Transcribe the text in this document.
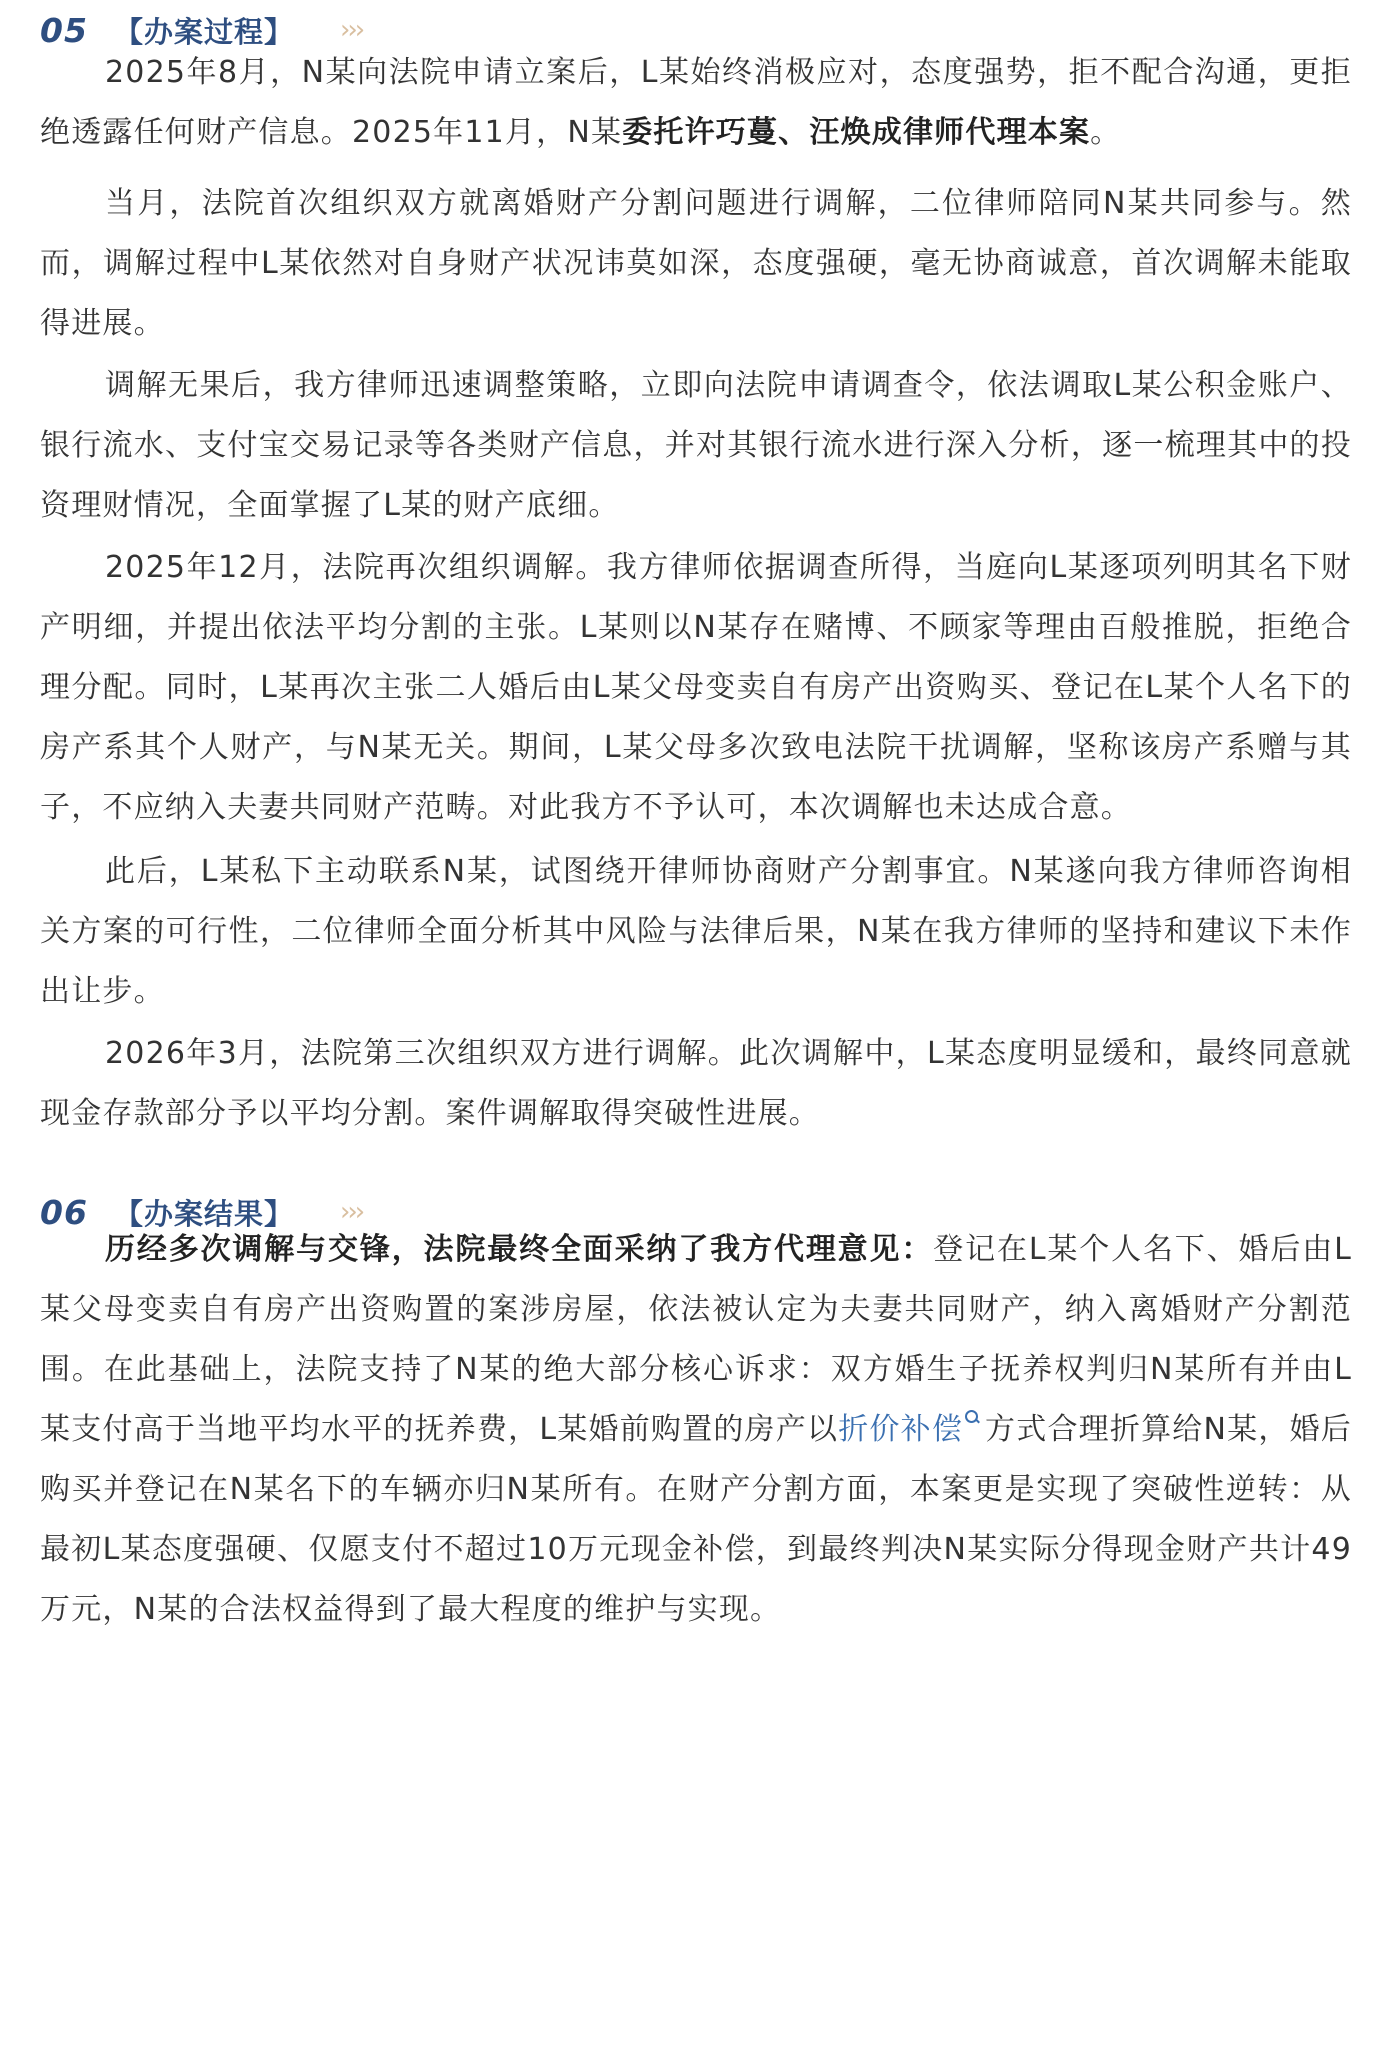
05 【办案过程】 ›››

2025年8月，N某向法院申请立案后，L某始终消极应对，态度强势，拒不配合沟通，更拒绝透露任何财产信息。2025年11月，N某委托许巧蔓、汪焕成律师代理本案。

当月，法院首次组织双方就离婚财产分割问题进行调解，二位律师陪同N某共同参与。然而，调解过程中L某依然对自身财产状况讳莫如深，态度强硬，毫无协商诚意，首次调解未能取得进展。

调解无果后，我方律师迅速调整策略，立即向法院申请调查令，依法调取L某公积金账户、银行流水、支付宝交易记录等各类财产信息，并对其银行流水进行深入分析，逐一梳理其中的投资理财情况，全面掌握了L某的财产底细。

2025年12月，法院再次组织调解。我方律师依据调查所得，当庭向L某逐项列明其名下财产明细，并提出依法平均分割的主张。L某则以N某存在赌博、不顾家等理由百般推脱，拒绝合理分配。同时，L某再次主张二人婚后由L某父母变卖自有房产出资购买、登记在L某个人名下的房产系其个人财产，与N某无关。期间，L某父母多次致电法院干扰调解，坚称该房产系赠与其子，不应纳入夫妻共同财产范畴。对此我方不予认可，本次调解也未达成合意。

此后，L某私下主动联系N某，试图绕开律师协商财产分割事宜。N某遂向我方律师咨询相关方案的可行性，二位律师全面分析其中风险与法律后果，N某在我方律师的坚持和建议下未作出让步。

2026年3月，法院第三次组织双方进行调解。此次调解中，L某态度明显缓和，最终同意就现金存款部分予以平均分割。案件调解取得突破性进展。

06 【办案结果】 ›››

历经多次调解与交锋，法院最终全面采纳了我方代理意见：登记在L某个人名下、婚后由L某父母变卖自有房产出资购置的案涉房屋，依法被认定为夫妻共同财产，纳入离婚财产分割范围。在此基础上，法院支持了N某的绝大部分核心诉求：双方婚生子抚养权判归N某所有并由L某支付高于当地平均水平的抚养费，L某婚前购置的房产以折价补偿 方式合理折算给N某，婚后购买并登记在N某名下的车辆亦归N某所有。在财产分割方面，本案更是实现了突破性逆转：从最初L某态度强硬、仅愿支付不超过10万元现金补偿，到最终判决N某实际分得现金财产共计49万元，N某的合法权益得到了最大程度的维护与实现。
